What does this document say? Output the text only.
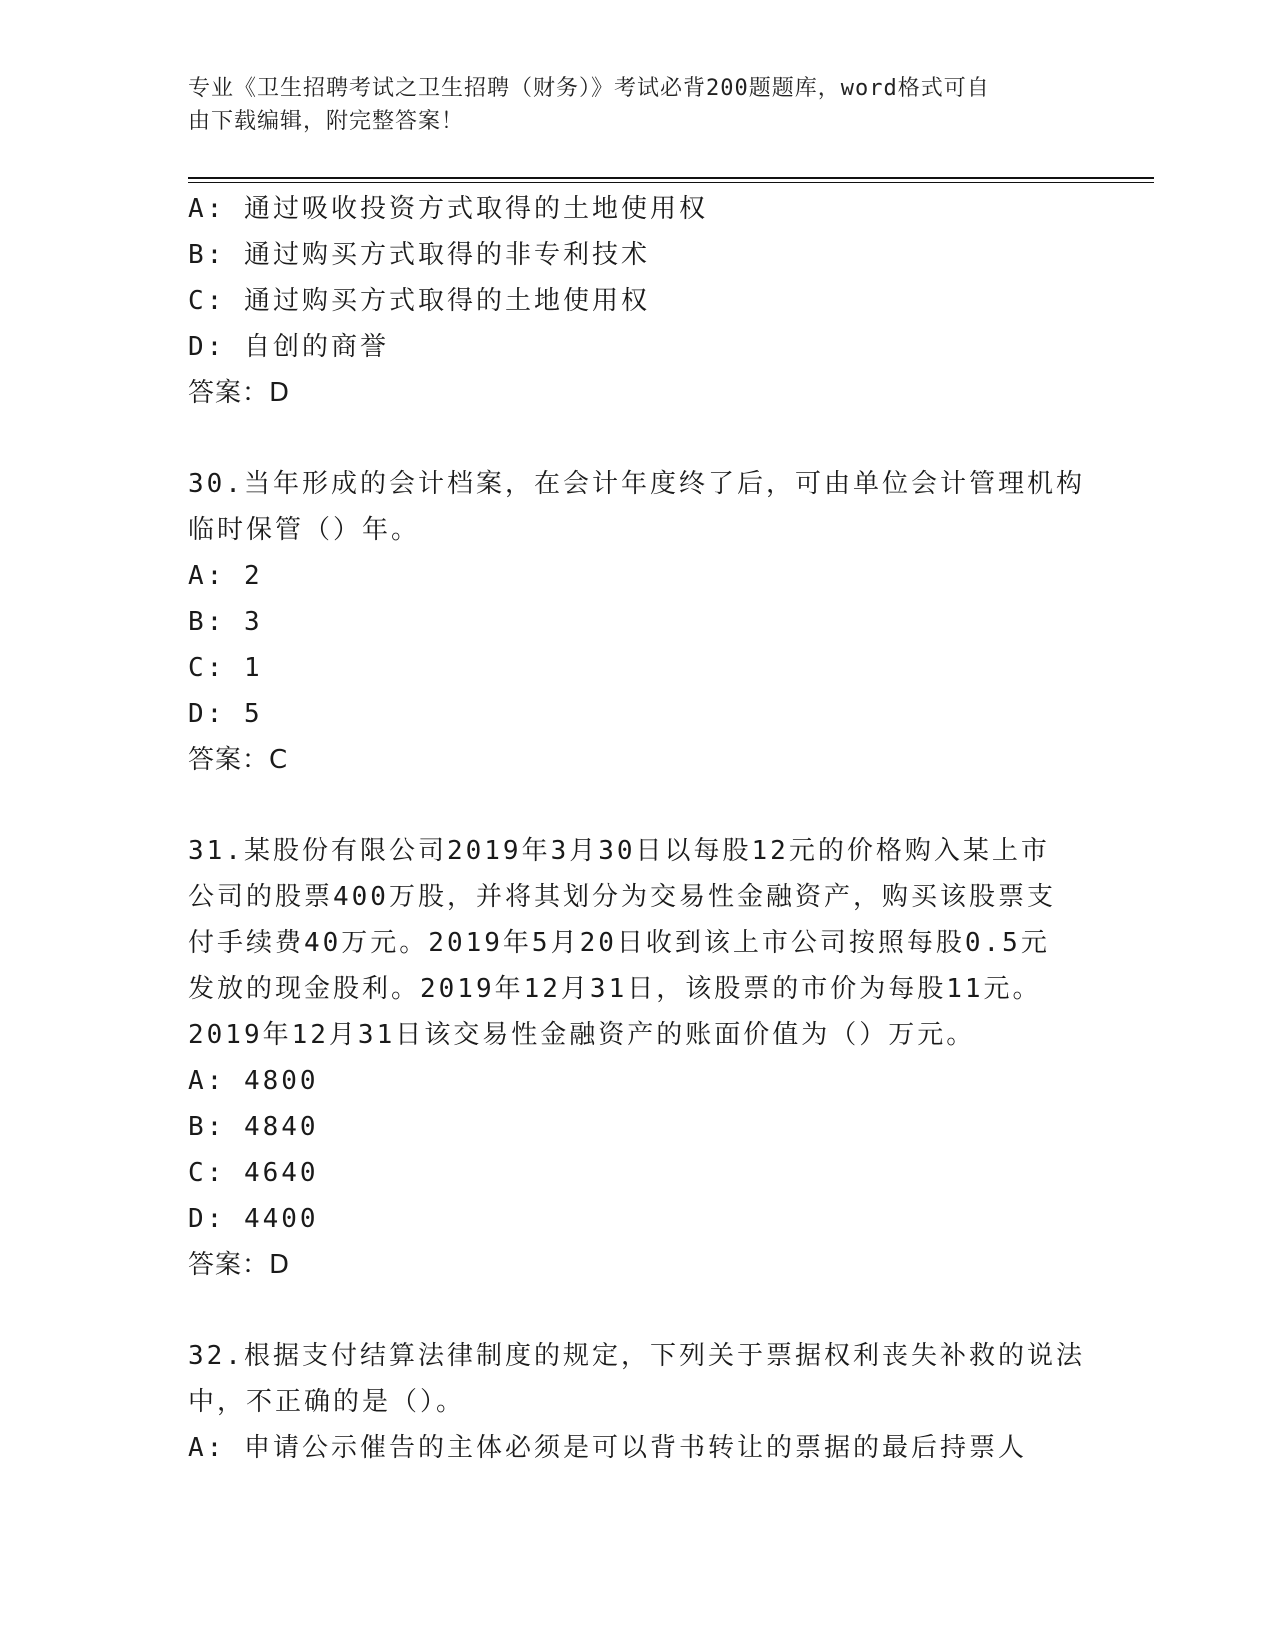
专业《卫生招聘考试之卫生招聘（财务）》考试必背200题题库，word格式可自
由下载编辑，附完整答案！
A: 通过吸收投资方式取得的土地使用权
B: 通过购买方式取得的非专利技术
C: 通过购买方式取得的土地使用权
D: 自创的商誉
答案：D
30.当年形成的会计档案，在会计年度终了后，可由单位会计管理机构
临时保管（）年。
A: 2
B: 3
C: 1
D: 5
答案：C
31.某股份有限公司2019年3月30日以每股12元的价格购入某上市
公司的股票400万股，并将其划分为交易性金融资产，购买该股票支
付手续费40万元。2019年5月20日收到该上市公司按照每股0.5元
发放的现金股利。2019年12月31日，该股票的市价为每股11元。
2019年12月31日该交易性金融资产的账面价值为（）万元。
A: 4800
B: 4840
C: 4640
D: 4400
答案：D
32.根据支付结算法律制度的规定，下列关于票据权利丧失补救的说法
中，不正确的是（）。
A: 申请公示催告的主体必须是可以背书转让的票据的最后持票人
